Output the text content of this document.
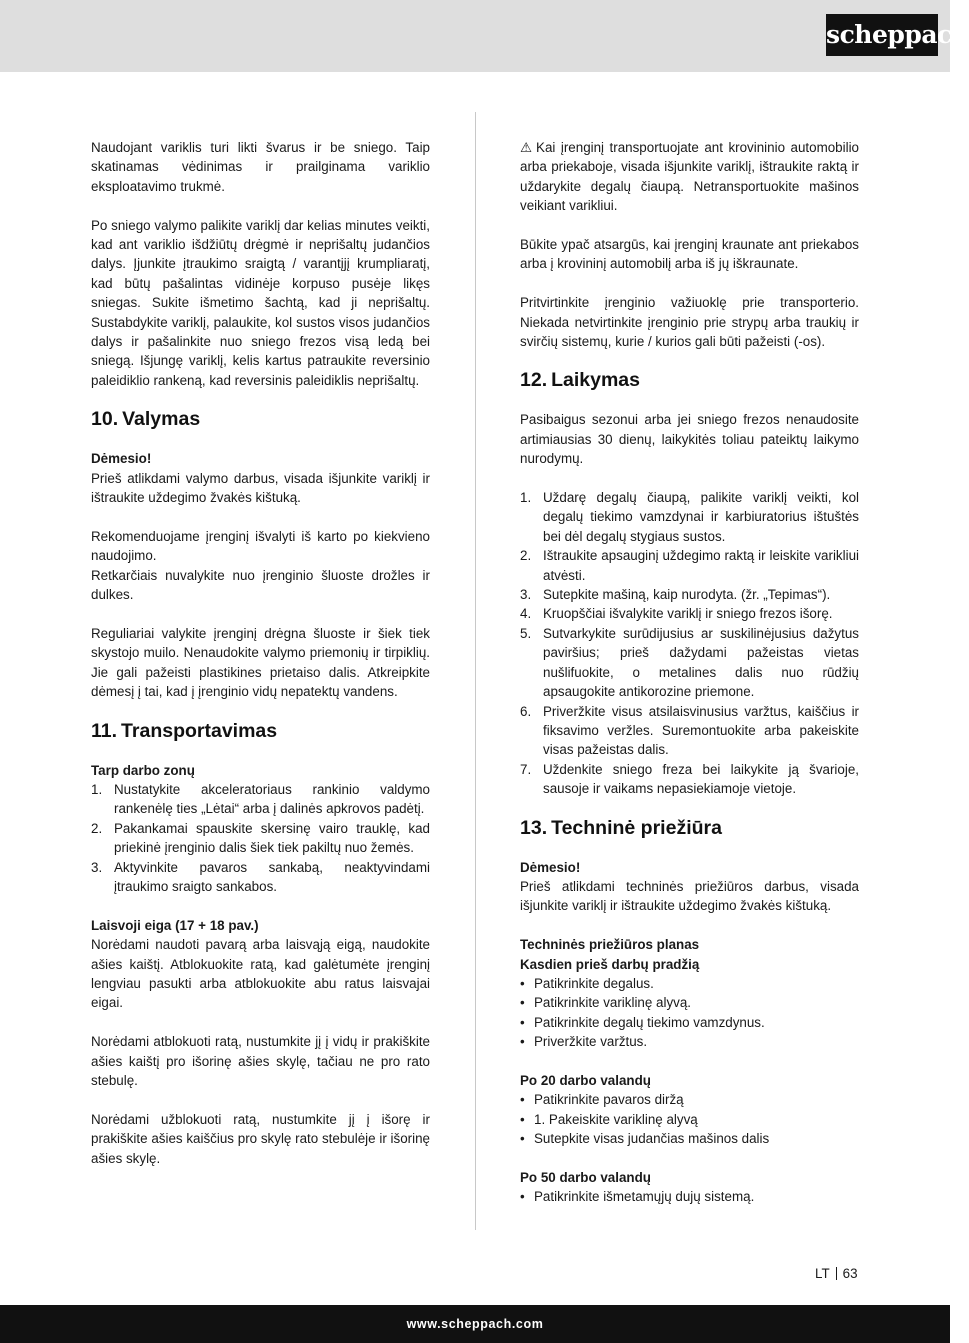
scheppach

Naudojant variklis turi likti švarus ir be sniego. Taip skatinamas vėdinimas ir prailginama variklio eksploatavimo trukmė.

Po sniego valymo palikite variklį dar kelias minutes veikti, kad ant variklio išdžiūtų drėgmė ir neprišaltų judančios dalys. Įjunkite įtraukimo sraigtą / varantįjį krumpliaratį, kad būtų pašalintas vidinėje korpuso pusėje likęs sniegas. Sukite išmetimo šachtą, kad ji neprišaltų. Sustabdykite variklį, palaukite, kol sustos visos judančios dalys ir pašalinkite nuo sniego frezos visą ledą bei sniegą. Išjungę variklį, kelis kartus patraukite reversinio paleidiklio rankeną, kad reversinis paleidiklis neprišaltų.

10. Valymas

Dėmesio!

Prieš atlikdami valymo darbus, visada išjunkite variklį ir ištraukite uždegimo žvakės kištuką.

Rekomenduojame įrenginį išvalyti iš karto po kiekvieno naudojimo.

Retkarčiais nuvalykite nuo įrenginio šluoste drožles ir dulkes.

Reguliariai valykite įrenginį drėgna šluoste ir šiek tiek skystojo muilo. Nenaudokite valymo priemonių ir tirpiklių. Jie gali pažeisti plastikines prietaiso dalis. Atkreipkite dėmesį į tai, kad į įrenginio vidų nepatektų vandens.

11. Transportavimas

Tarp darbo zonų

1. Nustatykite akceleratoriaus rankinio valdymo rankenėlę ties „Lėtai“ arba į dalinės apkrovos padėtį.
2. Pakankamai spauskite skersinę vairo trauklę, kad priekinė įrenginio dalis šiek tiek pakiltų nuo žemės.
3. Aktyvinkite pavaros sankabą, neaktyvindami įtraukimo sraigto sankabos.

Laisvoji eiga (17 + 18 pav.)

Norėdami naudoti pavarą arba laisvąją eigą, naudokite ašies kaištį. Atblokuokite ratą, kad galėtumėte įrenginį lengviau pasukti arba atblokuokite abu ratus laisvajai eigai.

Norėdami atblokuoti ratą, nustumkite jį į vidų ir prakiškite ašies kaištį pro išorinę ašies skylę, tačiau ne pro rato stebulę.

Norėdami užblokuoti ratą, nustumkite jį į išorę ir prakiškite ašies kaiščius pro skylę rato stebulėje ir išorinę ašies skylę.

⚠ Kai įrenginį transportuojate ant krovininio automobilio arba priekaboje, visada išjunkite variklį, ištraukite raktą ir uždarykite degalų čiaupą. Netransportuokite mašinos veikiant varikliui.

Būkite ypač atsargūs, kai įrenginį kraunate ant priekabos arba į krovininį automobilį arba iš jų iškraunate.

Pritvirtinkite įrenginio važiuoklę prie transporterio. Niekada netvirtinkite įrenginio prie strypų arba traukių ir svirčių sistemų, kurie / kurios gali būti pažeisti (-os).

12. Laikymas

Pasibaigus sezonui arba jei sniego frezos nenaudosite artimiausias 30 dienų, laikykitės toliau pateiktų laikymo nurodymų.

1. Uždarę degalų čiaupą, palikite variklį veikti, kol degalų tiekimo vamzdynai ir karbiuratorius ištuštės bei dėl degalų stygiaus sustos.
2. Ištraukite apsauginį uždegimo raktą ir leiskite varikliui atvėsti.
3. Sutepkite mašiną, kaip nurodyta. (žr. „Tepimas“).
4. Kruopščiai išvalykite variklį ir sniego frezos išorę.
5. Sutvarkykite surūdijusius ar suskilinėjusius dažytus paviršius; prieš dažydami pažeistas vietas nušlifuokite, o metalines dalis nuo rūdžių apsaugokite antikorozine priemone.
6. Priveržkite visus atsilaisvinusius varžtus, kaiščius ir fiksavimo veržles. Suremontuokite arba pakeiskite visas pažeistas dalis.
7. Uždenkite sniego freza bei laikykite ją švarioje, sausoje ir vaikams nepasiekiamoje vietoje.
13. Techninė priežiūra

Dėmesio!

Prieš atlikdami techninės priežiūros darbus, visada išjunkite variklį ir ištraukite uždegimo žvakės kištuką.

Techninės priežiūros planas

Kasdien prieš darbų pradžią

• Patikrinkite degalus.
• Patikrinkite variklinę alyvą.
• Patikrinkite degalų tiekimo vamzdynus.
• Priveržkite varžtus.

Po 20 darbo valandų

• Patikrinkite pavaros diržą
• 1. Pakeiskite variklinę alyvą
• Sutepkite visas judančias mašinos dalis

Po 50 darbo valandų

• Patikrinkite išmetamųjų dujų sistemą.
LT 63
www.scheppach.com
